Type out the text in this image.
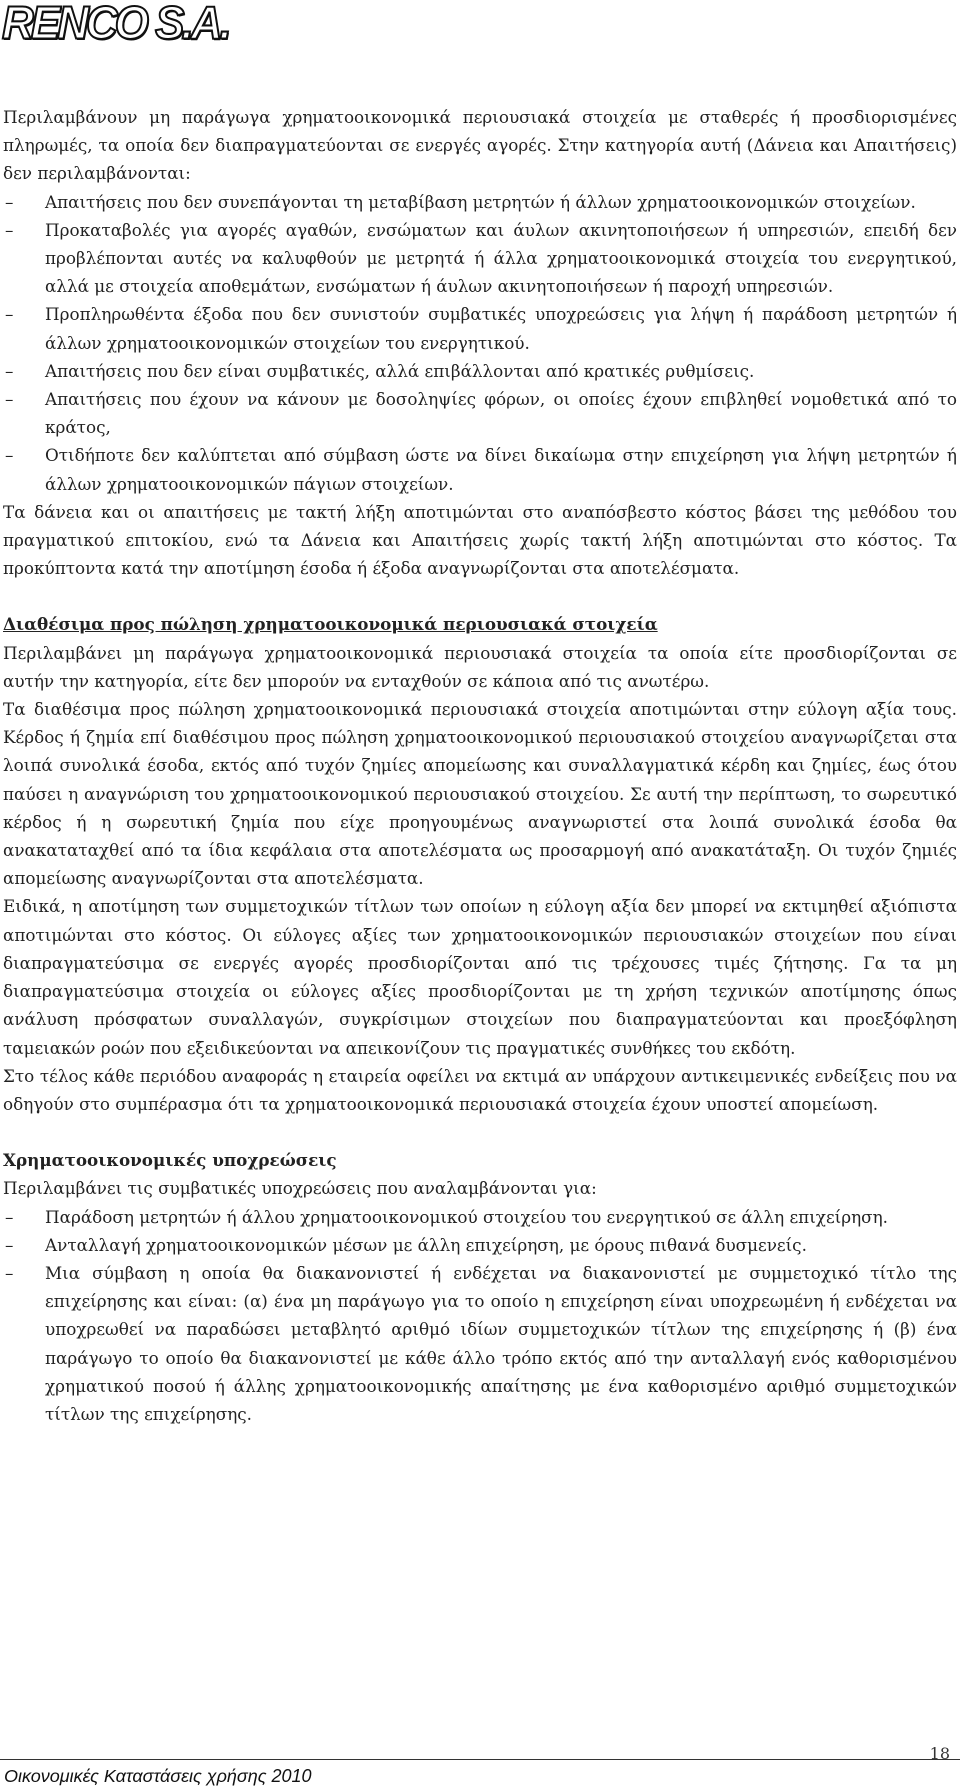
RENCO S.A.

Περιλαμβάνουν μη παράγωγα χρηματοοικονομικά περιουσιακά στοιχεία με σταθερές ή προσδιορισμένες πληρωμές, τα οποία δεν διαπραγματεύονται σε ενεργές αγορές. Στην κατηγορία αυτή (Δάνεια και Απαιτήσεις) δεν περιλαμβάνονται:

–	Απαιτήσεις που δεν συνεπάγονται τη μεταβίβαση μετρητών ή άλλων χρηματοοικονομικών στοιχείων.
–	Προκαταβολές για αγορές αγαθών, ενσώματων και άυλων ακινητοποιήσεων ή υπηρεσιών, επειδή δεν προβλέπονται αυτές να καλυφθούν με μετρητά ή άλλα χρηματοοικονομικά στοιχεία του ενεργητικού, αλλά με στοιχεία αποθεμάτων, ενσώματων ή άυλων ακινητοποιήσεων ή παροχή υπηρεσιών.
–	Προπληρωθέντα έξοδα που δεν συνιστούν συμβατικές υποχρεώσεις για λήψη ή παράδοση μετρητών ή άλλων χρηματοοικονομικών στοιχείων του ενεργητικού.
–	Απαιτήσεις που δεν είναι συμβατικές, αλλά επιβάλλονται από κρατικές ρυθμίσεις.
–	Απαιτήσεις που έχουν να κάνουν με δοσοληψίες φόρων, οι οποίες έχουν επιβληθεί νομοθετικά από το κράτος,
–	Οτιδήποτε δεν καλύπτεται από σύμβαση ώστε να δίνει δικαίωμα στην επιχείρηση για λήψη μετρητών ή άλλων χρηματοοικονομικών πάγιων στοιχείων.

Τα δάνεια και οι απαιτήσεις με τακτή λήξη αποτιμώνται στο αναπόσβεστο κόστος βάσει της μεθόδου του πραγματικού επιτοκίου, ενώ τα Δάνεια και Απαιτήσεις χωρίς τακτή λήξη αποτιμώνται στο κόστος. Τα προκύπτοντα κατά την αποτίμηση έσοδα ή έξοδα αναγνωρίζονται στα αποτελέσματα.

Διαθέσιμα προς πώληση χρηματοοικονομικά περιουσιακά στοιχεία

Περιλαμβάνει μη παράγωγα χρηματοοικονομικά περιουσιακά στοιχεία τα οποία είτε προσδιορίζονται σε αυτήν την κατηγορία, είτε δεν μπορούν να ενταχθούν σε κάποια από τις ανωτέρω.

Τα διαθέσιμα προς πώληση χρηματοοικονομικά περιουσιακά στοιχεία αποτιμώνται στην εύλογη αξία τους. Κέρδος ή ζημία επί διαθέσιμου προς πώληση χρηματοοικονομικού περιουσιακού στοιχείου αναγνωρίζεται στα λοιπά συνολικά έσοδα, εκτός από τυχόν ζημίες απομείωσης και συναλλαγματικά κέρδη και ζημίες, έως ότου παύσει η αναγνώριση του χρηματοοικονομικού περιουσιακού στοιχείου. Σε αυτή την περίπτωση, το σωρευτικό κέρδος ή η σωρευτική ζημία που είχε προηγουμένως αναγνωριστεί στα λοιπά συνολικά έσοδα θα ανακαταταχθεί από τα ίδια κεφάλαια στα αποτελέσματα ως προσαρμογή από ανακατάταξη. Οι τυχόν ζημιές απομείωσης αναγνωρίζονται στα αποτελέσματα.

Ειδικά, η αποτίμηση των συμμετοχικών τίτλων των οποίων η εύλογη αξία δεν μπορεί να εκτιμηθεί αξιόπιστα αποτιμώνται στο κόστος. Οι εύλογες αξίες των χρηματοοικονομικών περιουσιακών στοιχείων που είναι διαπραγματεύσιμα σε ενεργές αγορές προσδιορίζονται από τις τρέχουσες τιμές ζήτησης. Γα τα μη διαπραγματεύσιμα στοιχεία οι εύλογες αξίες προσδιορίζονται με τη χρήση τεχνικών αποτίμησης όπως ανάλυση πρόσφατων συναλλαγών, συγκρίσιμων στοιχείων που διαπραγματεύονται και προεξόφληση ταμειακών ροών που εξειδικεύονται να απεικονίζουν τις πραγματικές συνθήκες του εκδότη.

Στο τέλος κάθε περιόδου αναφοράς η εταιρεία οφείλει να εκτιμά αν υπάρχουν αντικειμενικές ενδείξεις που να οδηγούν στο συμπέρασμα ότι τα χρηματοοικονομικά περιουσιακά στοιχεία έχουν υποστεί απομείωση.

Χρηματοοικονομικές υποχρεώσεις

Περιλαμβάνει τις συμβατικές υποχρεώσεις που αναλαμβάνονται για:

–	Παράδοση μετρητών ή άλλου χρηματοοικονομικού στοιχείου του ενεργητικού σε άλλη επιχείρηση.
–	Ανταλλαγή χρηματοοικονομικών μέσων με άλλη επιχείρηση, με όρους πιθανά δυσμενείς.
–	Μια σύμβαση η οποία θα διακανονιστεί ή ενδέχεται να διακανονιστεί με συμμετοχικό τίτλο της επιχείρησης και είναι: (α) ένα μη παράγωγο για το οποίο η επιχείρηση είναι υποχρεωμένη ή ενδέχεται να υποχρεωθεί να παραδώσει μεταβλητό αριθμό ιδίων συμμετοχικών τίτλων της επιχείρησης ή (β) ένα παράγωγο το οποίο θα διακανονιστεί με κάθε άλλο τρόπο εκτός από την ανταλλαγή ενός καθορισμένου χρηματικού ποσού ή άλλης χρηματοοικονομικής απαίτησης με ένα καθορισμένο αριθμό συμμετοχικών τίτλων της επιχείρησης.
Οικονομικές Καταστάσεις χρήσης 2010
18
